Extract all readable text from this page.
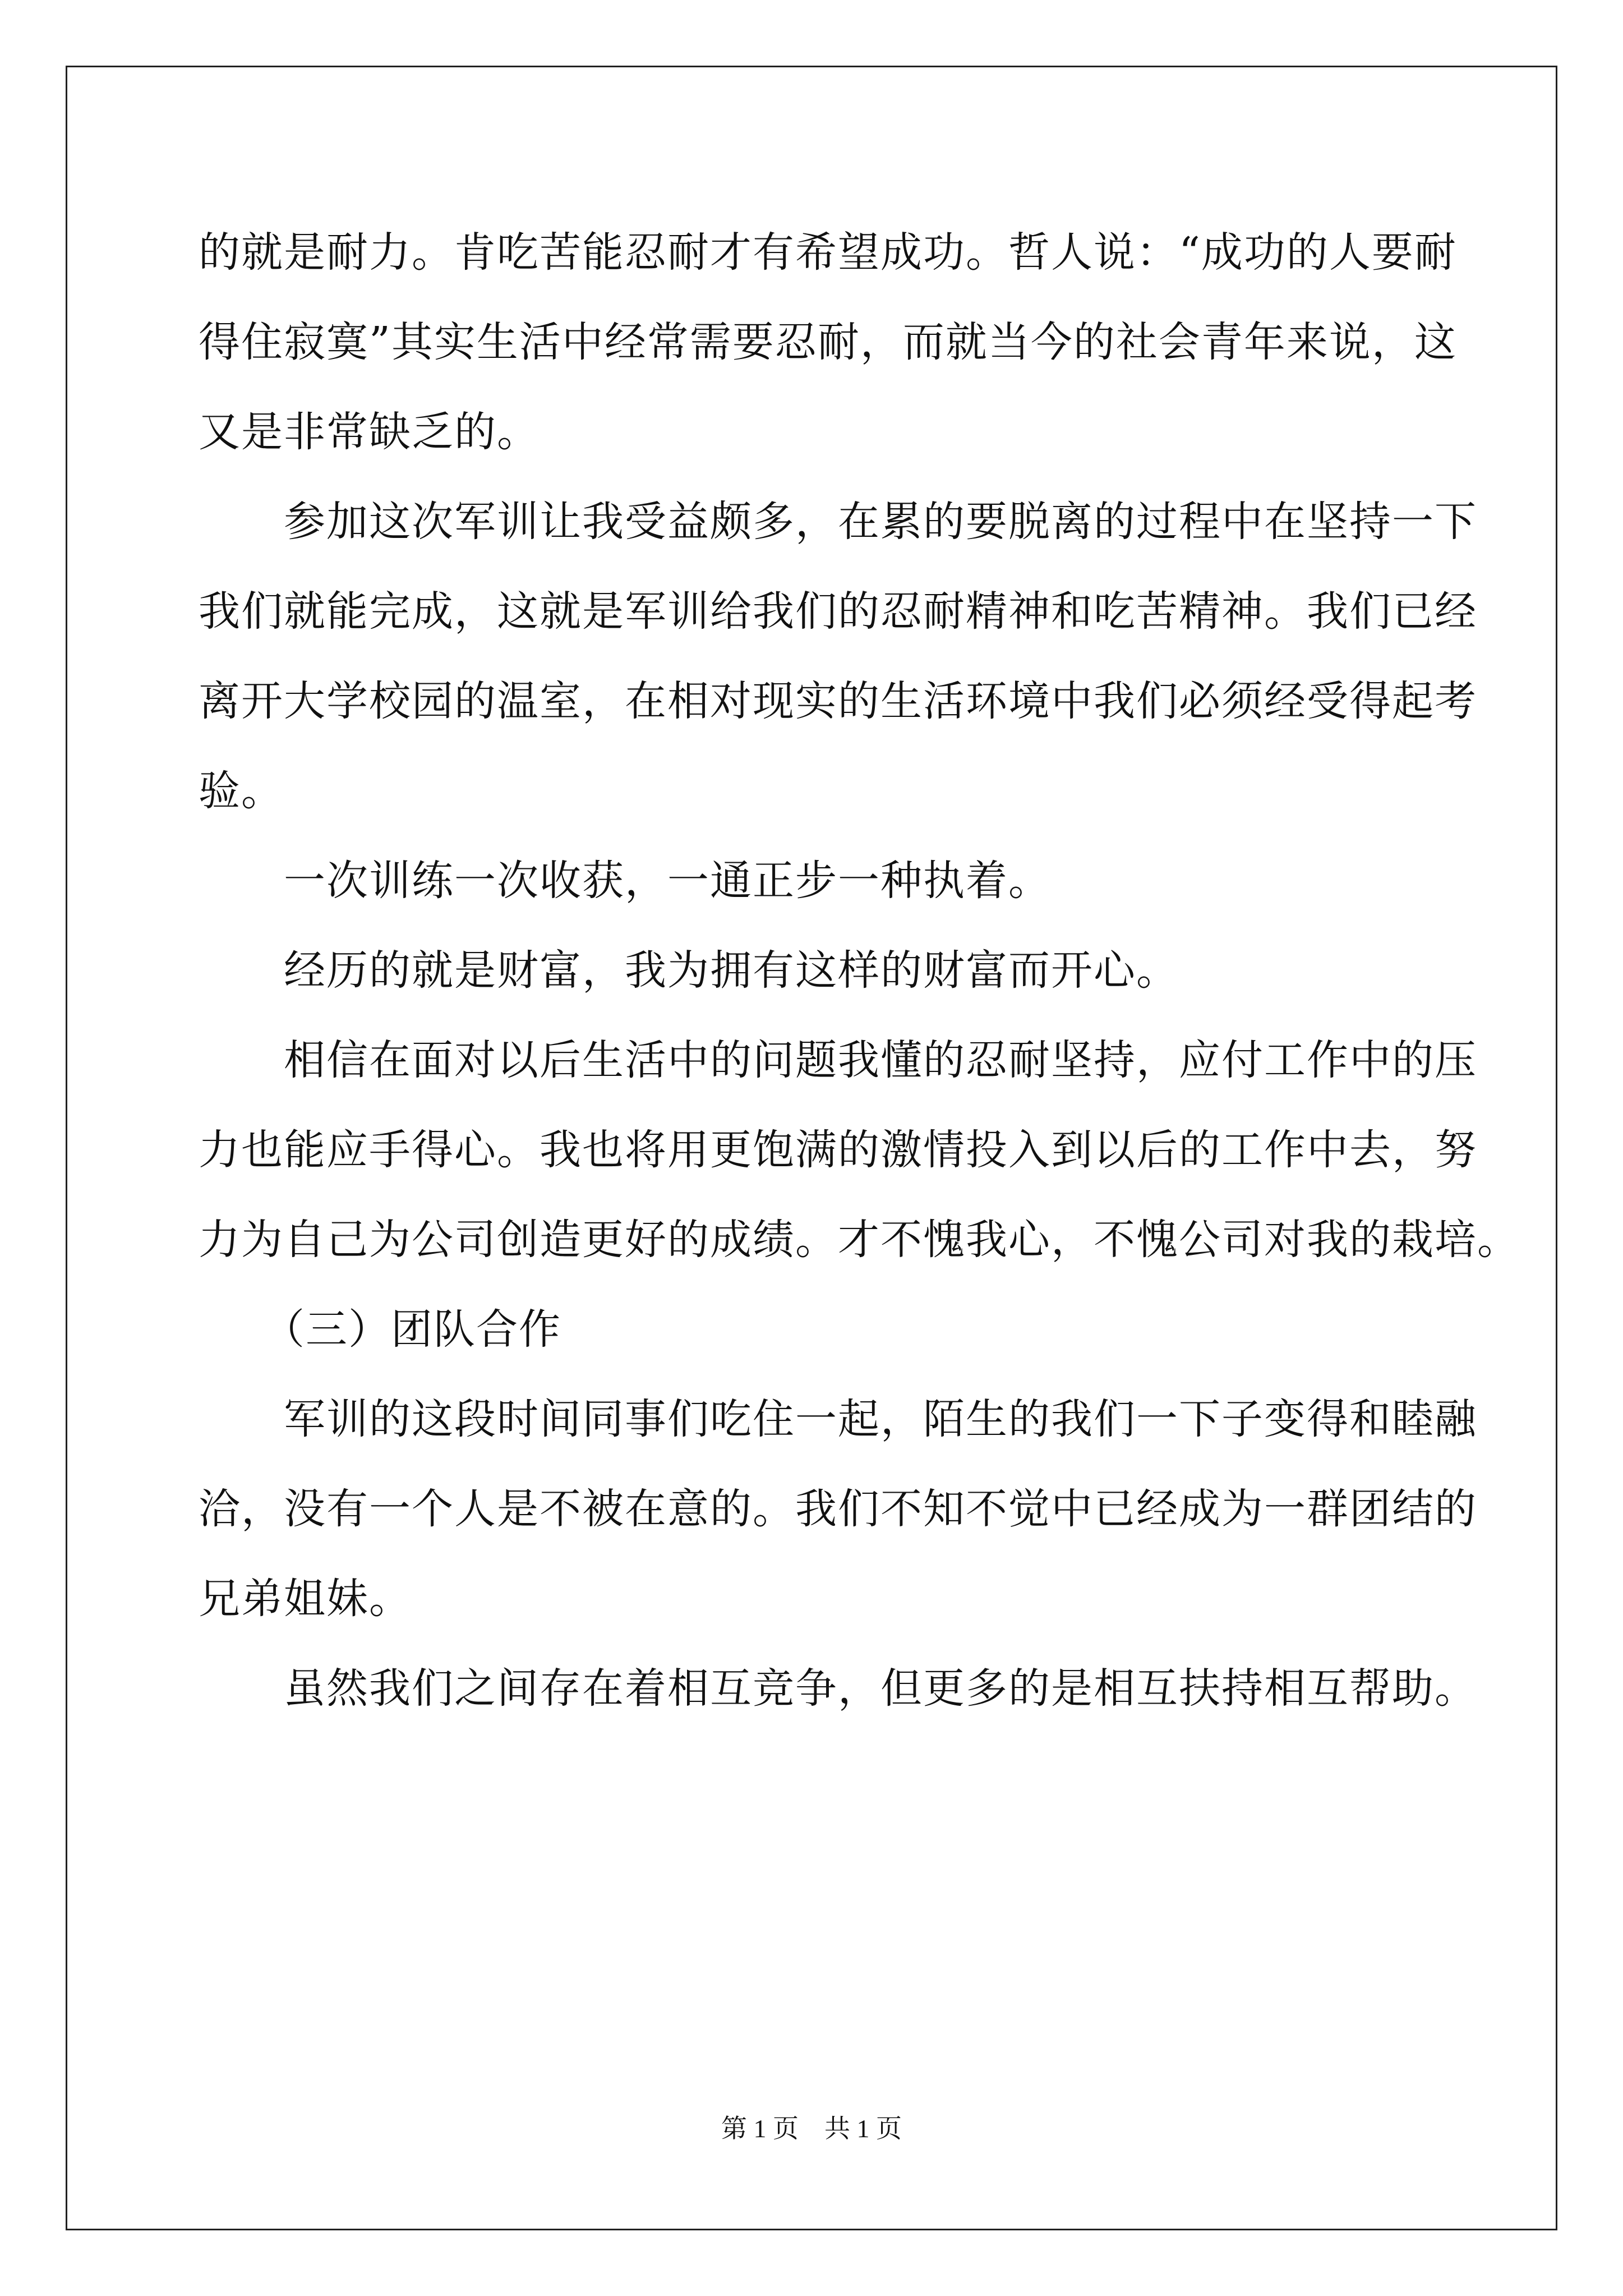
的就是耐力。肯吃苦能忍耐才有希望成功。哲人说：“成功的人要耐
得住寂寞”其实生活中经常需要忍耐，而就当今的社会青年来说，这
又是非常缺乏的。
　　参加这次军训让我受益颇多，在累的要脱离的过程中在坚持一下
我们就能完成，这就是军训给我们的忍耐精神和吃苦精神。我们已经
离开大学校园的温室，在相对现实的生活环境中我们必须经受得起考
验。
　　一次训练一次收获，一通正步一种执着。
　　经历的就是财富，我为拥有这样的财富而开心。
　　相信在面对以后生活中的问题我懂的忍耐坚持，应付工作中的压
力也能应手得心。我也将用更饱满的激情投入到以后的工作中去，努
力为自己为公司创造更好的成绩。才不愧我心，不愧公司对我的栽培。
　　（三）团队合作
　　军训的这段时间同事们吃住一起，陌生的我们一下子变得和睦融
洽，没有一个人是不被在意的。我们不知不觉中已经成为一群团结的
兄弟姐妹。
　　虽然我们之间存在着相互竞争，但更多的是相互扶持相互帮助。
第 1 页　共 1 页
